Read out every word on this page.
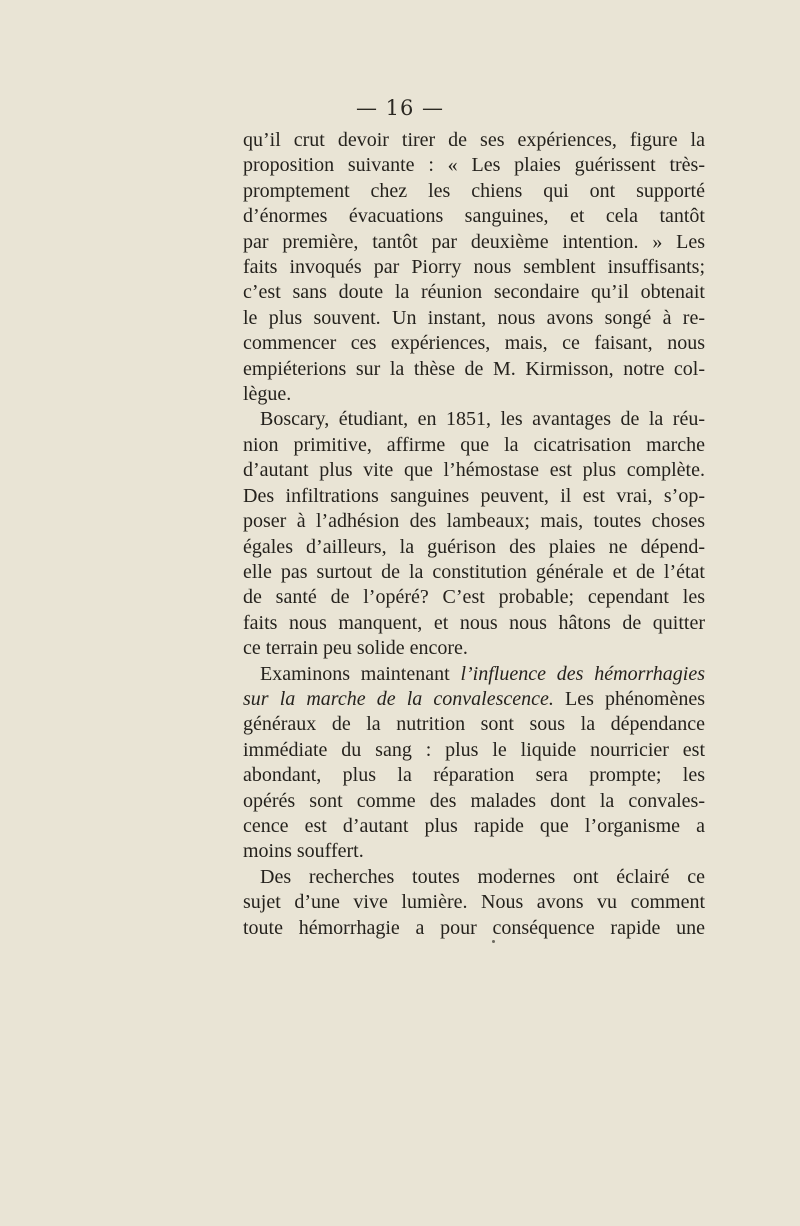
— 16 —
qu’il crut devoir tirer de ses expériences, figure la
proposition suivante : « Les plaies guérissent très-
promptement chez les chiens qui ont supporté
d’énormes évacuations sanguines, et cela tantôt
par première, tantôt par deuxième intention. » Les
faits invoqués par Piorry nous semblent insuffisants;
c’est sans doute la réunion secondaire qu’il obtenait
le plus souvent. Un instant, nous avons songé à re-
commencer ces expériences, mais, ce faisant, nous
empiéterions sur la thèse de M. Kirmisson, notre col-
lègue.
Boscary, étudiant, en 1851, les avantages de la réu-
nion primitive, affirme que la cicatrisation marche
d’autant plus vite que l’hémostase est plus complète.
Des infiltrations sanguines peuvent, il est vrai, s’op-
poser à l’adhésion des lambeaux; mais, toutes choses
égales d’ailleurs, la guérison des plaies ne dépend-
elle pas surtout de la constitution générale et de l’état
de santé de l’opéré? C’est probable; cependant les
faits nous manquent, et nous nous hâtons de quitter
ce terrain peu solide encore.
Examinons maintenant l’influence des hémorrhagies
sur la marche de la convalescence. Les phénomènes
généraux de la nutrition sont sous la dépendance
immédiate du sang : plus le liquide nourricier est
abondant, plus la réparation sera prompte; les
opérés sont comme des malades dont la convales-
cence est d’autant plus rapide que l’organisme a
moins souffert.
Des recherches toutes modernes ont éclairé ce
sujet d’une vive lumière. Nous avons vu comment
toute hémorrhagie a pour conséquence rapide une
